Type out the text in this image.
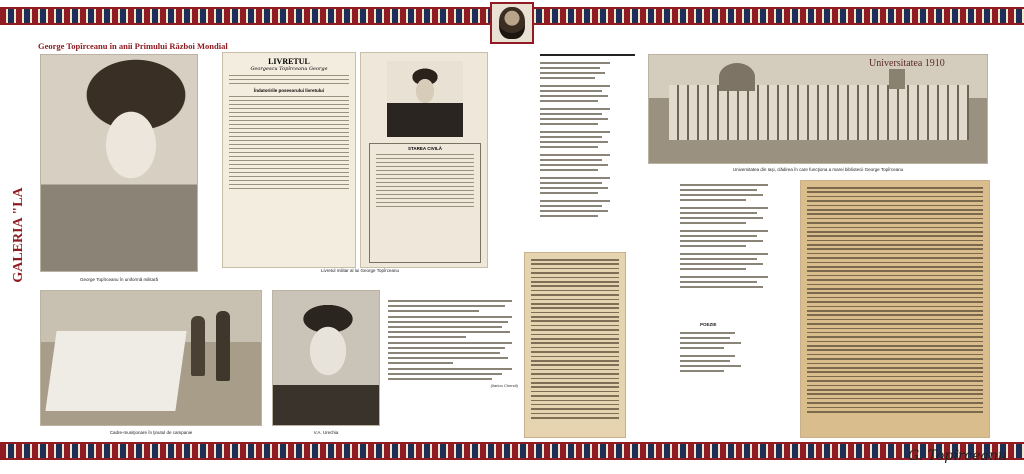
George Topîrceanu în anii Primului Război Mondial
GALERIA "LA
George Topîrceanu în uniformă militară
LIVRETUL
Georgescu Topîrceanu George
Îndatoririle posesorului livretului
STAREA CIVILĂ
Livretul militar al lui George Topîrceanu
Cadre-muniţionare în ţinutul de campanie	V.A. Urechia
(Ilarion Chendi)
Universitatea 1910
Universitatea din Iaşi, clădirea în care funcţiona a marei bibliotecii George Topîrceanu
POEZIE
G. Topîrceanu
